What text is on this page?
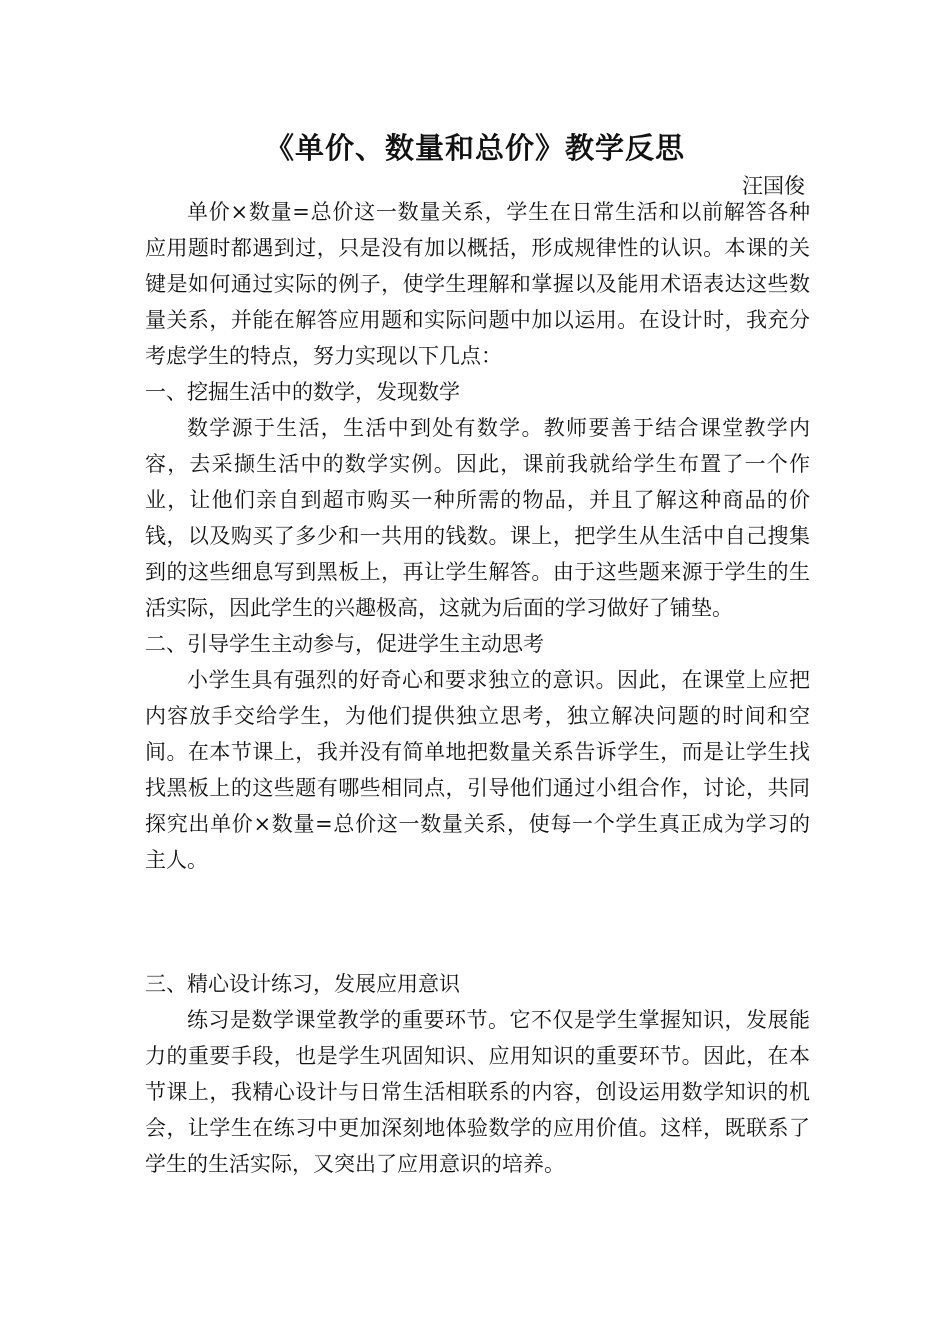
《单价、数量和总价》教学反思
汪国俊

单价×数量=总价这一数量关系，学生在日常生活和以前解答各种应用题时都遇到过，只是没有加以概括，形成规律性的认识。本课的关键是如何通过实际的例子，使学生理解和掌握以及能用术语表达这些数量关系，并能在解答应用题和实际问题中加以运用。在设计时，我充分考虑学生的特点，努力实现以下几点：

一、挖掘生活中的数学，发现数学

数学源于生活，生活中到处有数学。教师要善于结合课堂教学内容，去采撷生活中的数学实例。因此，课前我就给学生布置了一个作业，让他们亲自到超市购买一种所需的物品，并且了解这种商品的价钱，以及购买了多少和一共用的钱数。课上，把学生从生活中自己搜集到的这些细息写到黑板上，再让学生解答。由于这些题来源于学生的生活实际，因此学生的兴趣极高，这就为后面的学习做好了铺垫。

二、引导学生主动参与，促进学生主动思考

小学生具有强烈的好奇心和要求独立的意识。因此，在课堂上应把内容放手交给学生，为他们提供独立思考，独立解决问题的时间和空间。在本节课上，我并没有简单地把数量关系告诉学生，而是让学生找找黑板上的这些题有哪些相同点，引导他们通过小组合作，讨论，共同探究出单价×数量=总价这一数量关系，使每一个学生真正成为学习的主人。

三、精心设计练习，发展应用意识

练习是数学课堂教学的重要环节。它不仅是学生掌握知识，发展能力的重要手段，也是学生巩固知识、应用知识的重要环节。因此，在本节课上，我精心设计与日常生活相联系的内容，创设运用数学知识的机会，让学生在练习中更加深刻地体验数学的应用价值。这样，既联系了学生的生活实际，又突出了应用意识的培养。
